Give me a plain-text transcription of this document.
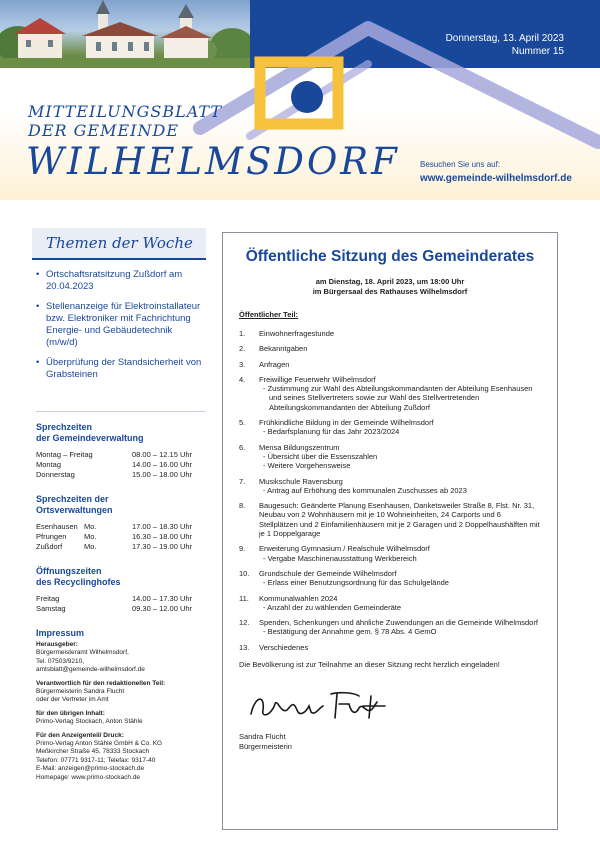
Donnerstag, 13. April 2023
Nummer 15
MITTEILUNGSBLATT
DER GEMEINDE
WILHELMSDORF	Besuchen Sie uns auf:
www.gemeinde-wilhelmsdorf.de
Themen der Woche
• Ortschaftsratsitzung Zußdorf am 20.04.2023
• Stellenanzeige für Elektroinstallateur bzw. Elektroniker mit Fachrichtung Energie- und Gebäudetechnik (m/w/d)
• Überprüfung der Standsicherheit von Grabsteinen
Sprechzeiten
der Gemeindeverwaltung
Montag – Freitag		08.00 – 12.15 Uhr
Montag		14.00 – 16.00 Uhr
Donnerstag		15.00 – 18.00 Uhr
Sprechzeiten der
Ortsverwaltungen
Esenhausen	Mo.	17.00 – 18.30 Uhr
Pfrungen	Mo.	16.30 – 18.00 Uhr
Zußdorf	Mo.	17.30 – 19.00 Uhr
Öffnungszeiten
des Recyclinghofes
Freitag		14.00 – 17.30 Uhr
Samstag		09.30 – 12.00 Uhr
Impressum
Herausgeber:
Bürgermeisteramt Wilhelmsdorf,
Tel. 07503/9210,
amtsblatt@gemeinde-wilhelmsdorf.de
Verantwortlich für den redaktionellen Teil:
Bürgermeisterin Sandra Flucht
oder der Vertreter im Amt
für den übrigen Inhalt:
Primo-Verlag Stockach, Anton Stähle
Für den Anzeigenteil/ Druck:
Primo-Verlag Anton Stähle GmbH & Co. KG
Meßkircher Straße 45, 78333 Stockach
Telefon: 07771 9317-11; Telefax: 9317-40
E-Mail: anzeigen@primo-stockach.de
Homepage: www.primo-stockach.de
Öffentliche Sitzung des Gemeinderates
am Dienstag, 18. April 2023, um 18:00 Uhr
im Bürgersaal des Rathauses Wilhelmsdorf
Öffentlicher Teil:
1.	Einwohnerfragestunde
2.	Bekanntgaben
3.	Anfragen
4.	Freiwillige Feuerwehr Wilhelmsdorf
- Zustimmung zur Wahl des Abteilungskommandanten der Abteilung Esenhausen und seines Stellvertreters sowie zur Wahl des Stellvertretenden Abteilungskommandanten der Abteilung Zußdorf
5.	Frühkindliche Bildung in der Gemeinde Wilhelmsdorf
- Bedarfsplanung für das Jahr 2023/2024
6.	Mensa Bildungszentrum
- Übersicht über die Essenszahlen
- Weitere Vorgehensweise
7.	Musikschule Ravensburg
- Antrag auf Erhöhung des kommunalen Zuschusses ab 2023
8.	Baugesuch: Geänderte Planung Esenhausen, Danketsweiler Straße 8, Flst. Nr. 31, Neubau von 2 Wohnhäusern mit je 10 Wohneinheiten, 24 Carports und 6 Stellplätzen und 2 Einfamilienhäusern mit je 2 Garagen und 2 Doppelhaushälften mit je 1 Doppelgarage
9.	Erweiterung Gymnasium / Realschule Wilhelmsdorf
- Vergabe Maschinenausstattung Werkbereich
10.	Grundschule der Gemeinde Wilhelmsdorf
- Erlass einer Benutzungsordnung für das Schulgelände
11.	Kommunalwahlen 2024
- Anzahl der zu wählenden Gemeinderäte
12.	Spenden, Schenkungen und ähnliche Zuwendungen an die Gemeinde Wilhelmsdorf
- Bestätigung der Annahme gem. § 78 Abs. 4 GemO
13.	Verschiedenes
Die Bevölkerung ist zur Teilnahme an dieser Sitzung recht herzlich eingeladen!
Sandra Flucht
Bürgermeisterin
